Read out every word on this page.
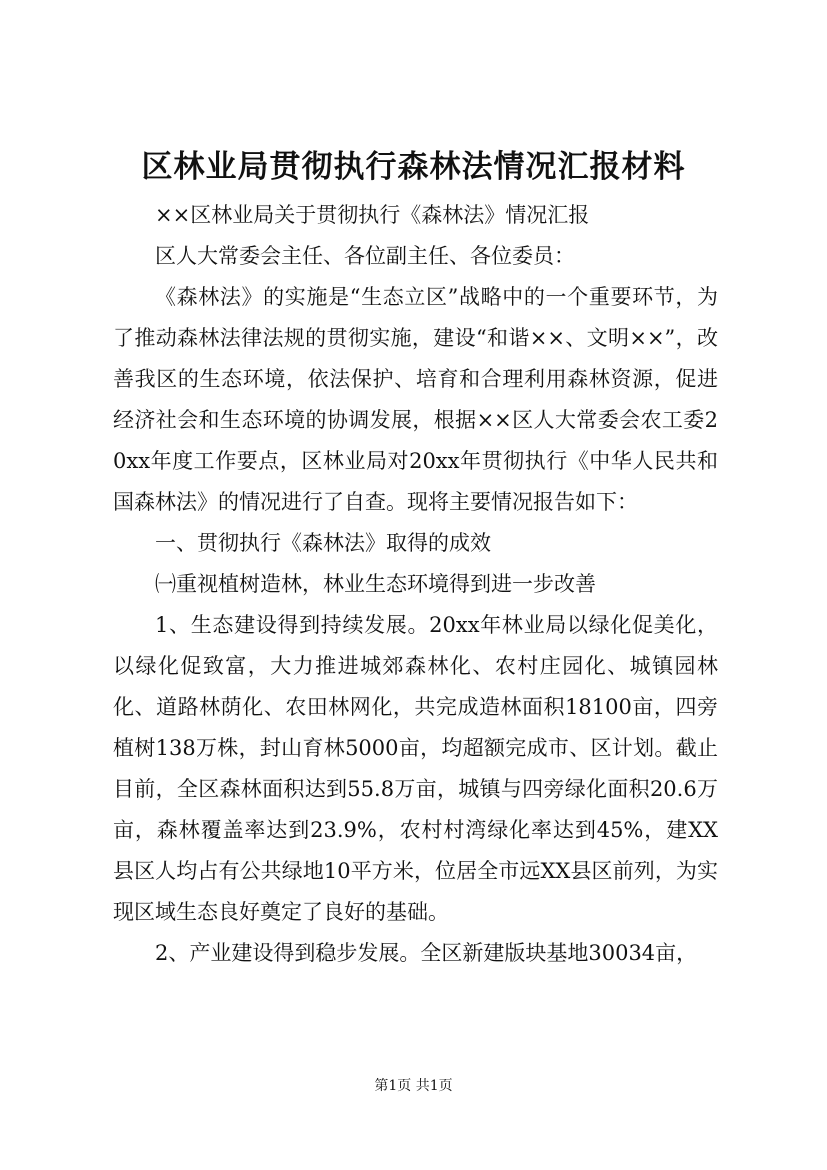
区林业局贯彻执行森林法情况汇报材料

××区林业局关于贯彻执行《森林法》情况汇报

区人大常委会主任、各位副主任、各位委员：

《森林法》的实施是“生态立区”战略中的一个重要环节，为了推动森林法律法规的贯彻实施，建设“和谐××、文明××”，改善我区的生态环境，依法保护、培育和合理利用森林资源，促进经济社会和生态环境的协调发展，根据××区人大常委会农工委20xx年度工作要点，区林业局对20xx年贯彻执行《中华人民共和国森林法》的情况进行了自查。现将主要情况报告如下：

一、贯彻执行《森林法》取得的成效

㈠重视植树造林，林业生态环境得到进一步改善

1、生态建设得到持续发展。20xx年林业局以绿化促美化，以绿化促致富，大力推进城郊森林化、农村庄园化、城镇园林化、道路林荫化、农田林网化，共完成造林面积18100亩，四旁植树138万株，封山育林5000亩，均超额完成市、区计划。截止目前，全区森林面积达到55.8万亩，城镇与四旁绿化面积20.6万亩，森林覆盖率达到23.9%，农村村湾绿化率达到45%，建XX县区人均占有公共绿地10平方米，位居全市远XX县区前列，为实现区域生态良好奠定了良好的基础。

2、产业建设得到稳步发展。全区新建版块基地30034亩，

第1页 共1页
